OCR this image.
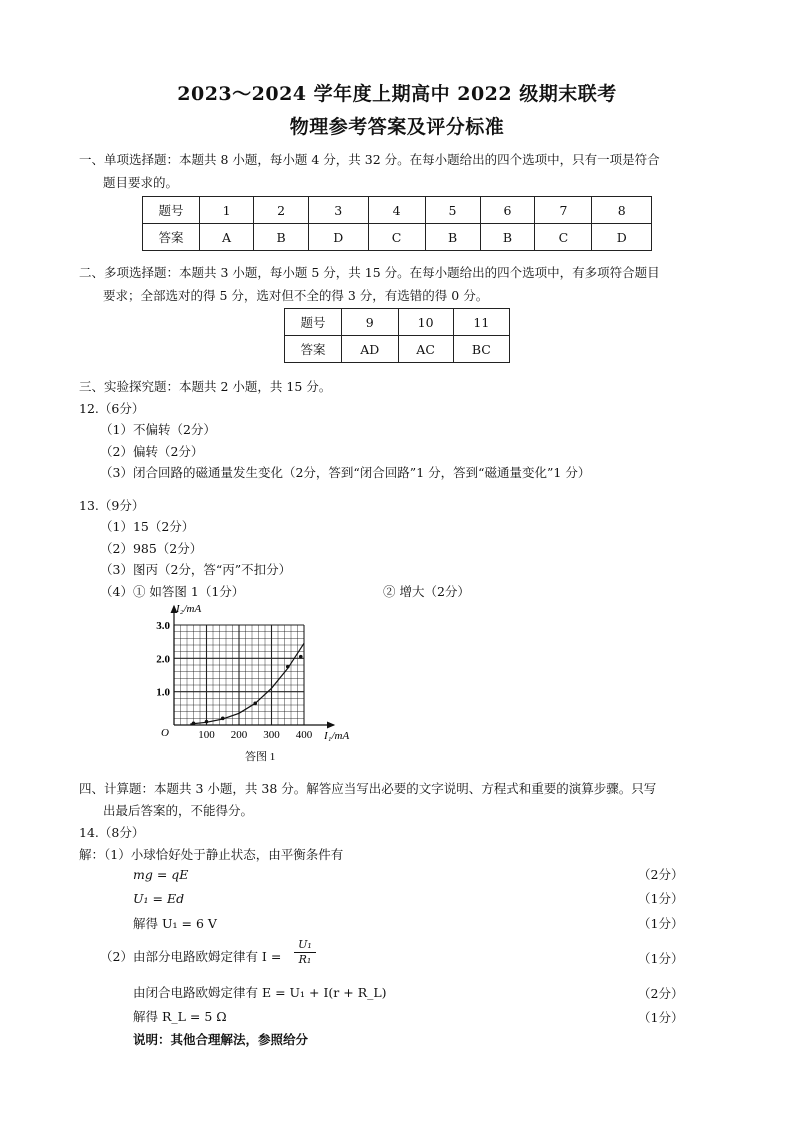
2023～2024 学年度上期高中 2022 级期末联考
物理参考答案及评分标准
一、单项选择题：本题共 8 小题，每小题 4 分，共 32 分。在每小题给出的四个选项中，只有一项是符合
题目要求的。
题号	1	2	3	4	5	6	7	8
答案	A	B	D	C	B	B	C	D
二、多项选择题：本题共 3 小题，每小题 5 分，共 15 分。在每小题给出的四个选项中，有多项符合题目
要求；全部选对的得 5 分，选对但不全的得 3 分，有选错的得 0 分。
题号	9	10	11
答案	AD	AC	BC
三、实验探究题：本题共 2 小题，共 15 分。
12.（6分）
（1）不偏转（2分）
（2）偏转（2分）
（3）闭合回路的磁通量发生变化（2分，答到“闭合回路”1 分，答到“磁通量变化”1 分）
13.（9分）
（1）15（2分）
（2）985（2分）
（3）图丙（2分，答“丙”不扣分）
（4）① 如答图 1（1分）	② 增大（2分）
100 200 300 400
1.0
2.0
3.0
I₂/mA
I₁/mA
O
答图 1
四、计算题：本题共 3 小题，共 38 分。解答应当写出必要的文字说明、方程式和重要的演算步骤。只写
出最后答案的，不能得分。
14.（8分）
解：（1）小球恰好处于静止状态，由平衡条件有
mg = qE	（2分）
U₁ = Ed	（1分）
解得 U₁ = 6 V	（1分）
（2）由部分电路欧姆定律有 $I = \frac{\text{U₁}}{\text{R₁}}$	（1分）
由闭合电路欧姆定律有 E = U₁ + I(r + R_L)	（2分）
解得 R_L = 5 Ω	（1分）
说明：其他合理解法，参照给分
